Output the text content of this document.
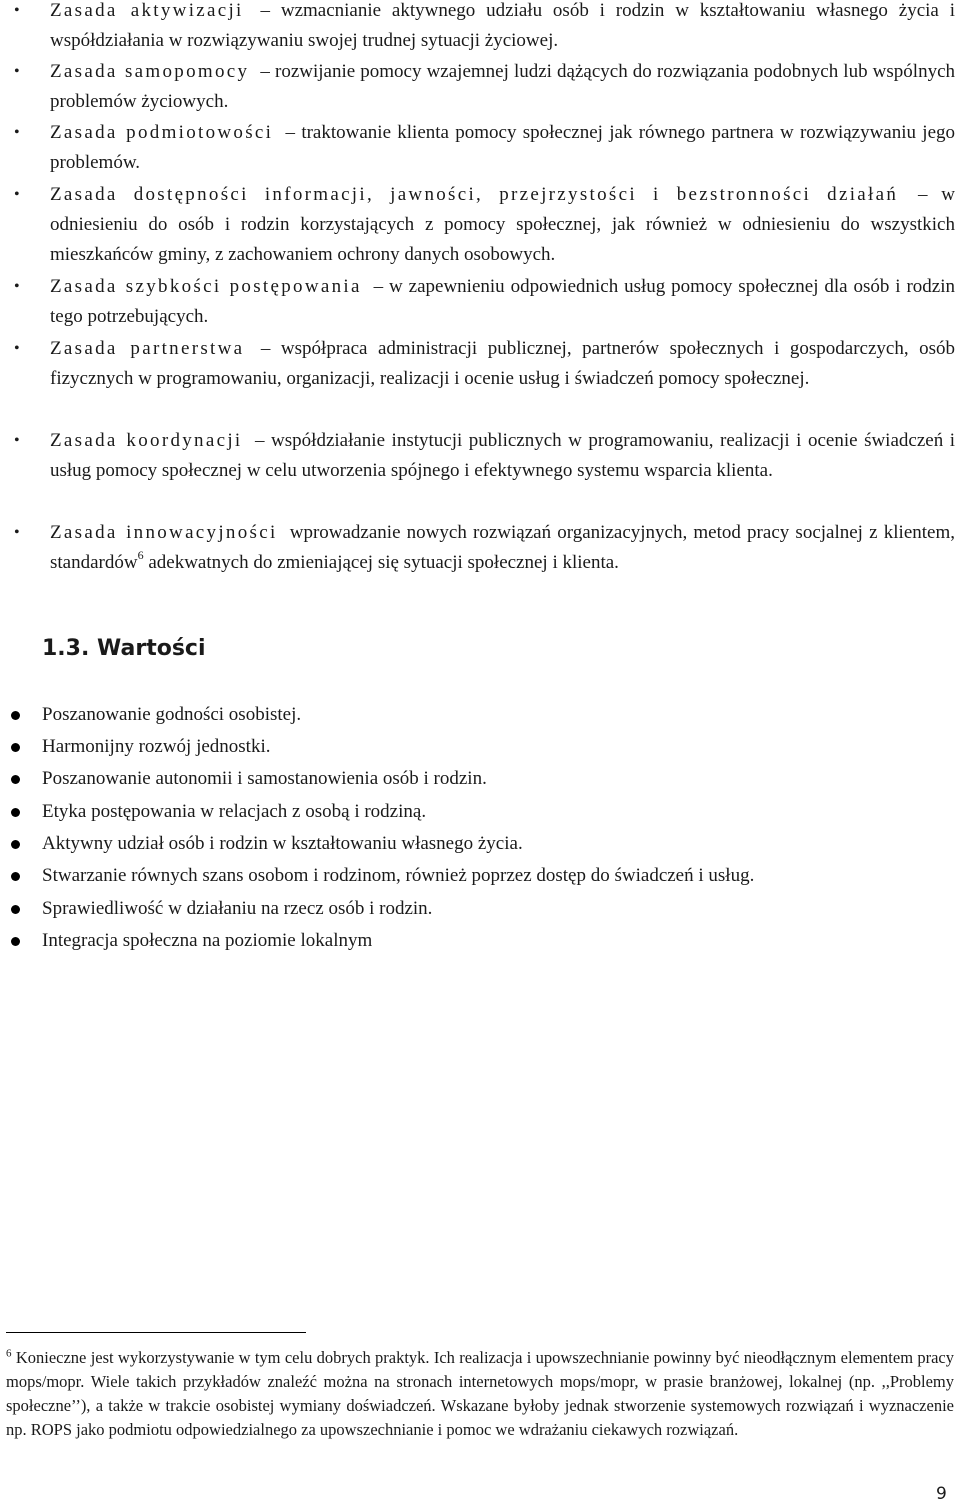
• Zasada aktywizacji – wzmacnianie aktywnego udziału osób i rodzin w kształtowaniu własnego życia i współdziałania w rozwiązywaniu swojej trudnej sytuacji życiowej.
• Zasada samopomocy – rozwijanie pomocy wzajemnej ludzi dążących do rozwiązania podobnych lub wspólnych problemów życiowych.
• Zasada podmiotowości – traktowanie klienta pomocy społecznej jak równego partnera w rozwiązywaniu jego problemów.
• Zasada dostępności informacji, jawności, przejrzystości i bezstronności działań – w odniesieniu do osób i rodzin korzystających z pomocy społecznej, jak również w odniesieniu do wszystkich mieszkańców gminy, z zachowaniem ochrony danych osobowych.
• Zasada szybkości postępowania – w zapewnieniu odpowiednich usług pomocy społecznej dla osób i rodzin tego potrzebujących.
• Zasada partnerstwa – współpraca administracji publicznej, partnerów społecznych i gospodarczych, osób fizycznych w programowaniu, organizacji, realizacji i ocenie usług i świadczeń pomocy społecznej.
• Zasada koordynacji – współdziałanie instytucji publicznych w programowaniu, realizacji i ocenie świadczeń i usług pomocy społecznej w celu utworzenia spójnego i efektywnego systemu wsparcia klienta.
• Zasada innowacyjności wprowadzanie nowych rozwiązań organizacyjnych, metod pracy socjalnej z klientem, standardów$^6$ adekwatnych do zmieniającej się sytuacji społecznej i klienta.
1.3. Wartości
Poszanowanie godności osobistej.
Harmonijny rozwój jednostki.
Poszanowanie autonomii i samostanowienia osób i rodzin.
Etyka postępowania w relacjach z osobą i rodziną.
Aktywny udział osób i rodzin w kształtowaniu własnego życia.
Stwarzanie równych szans osobom i rodzinom, również poprzez dostęp do świadczeń i usług.
Sprawiedliwość w działaniu na rzecz osób i rodzin.
Integracja społeczna na poziomie lokalnym

$^6$ Konieczne jest wykorzystywanie w tym celu dobrych praktyk. Ich realizacja i upowszechnianie powinny być nieodłącznym elementem pracy mops/mopr. Wiele takich przykładów znaleźć można na stronach internetowych mops/mopr, w prasie branżowej, lokalnej (np. ,,Problemy społeczne’’), a także w trakcie osobistej wymiany doświadczeń. Wskazane byłoby jednak stworzenie systemowych rozwiązań i wyznaczenie np. ROPS jako podmiotu odpowiedzialnego za upowszechnianie i pomoc we wdrażaniu ciekawych rozwiązań.

9
